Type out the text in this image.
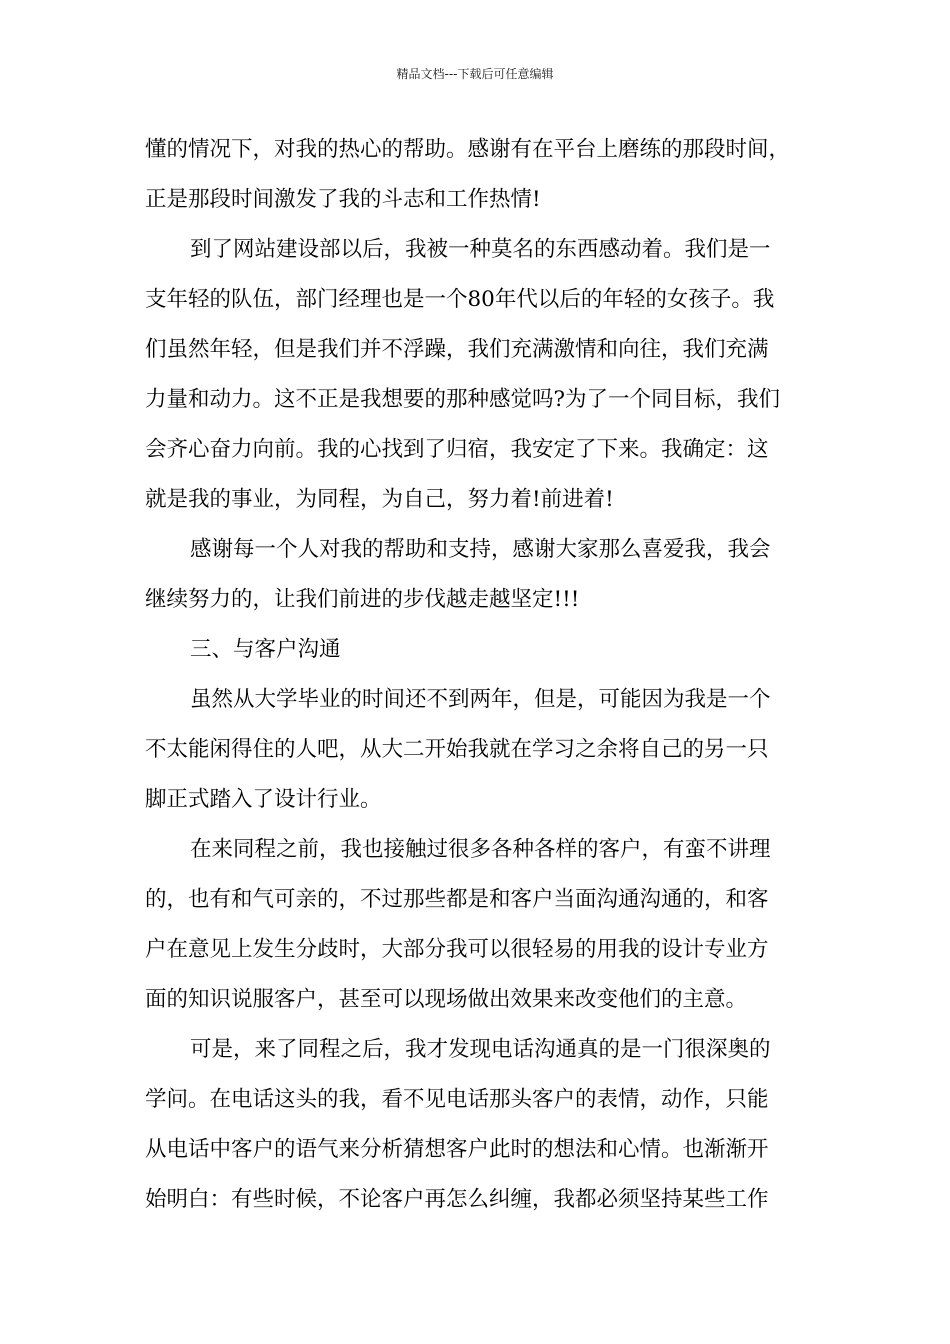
精品文档---下载后可任意编辑
懂的情况下，对我的热心的帮助。感谢有在平台上磨练的那段时间，
正是那段时间激发了我的斗志和工作热情!
到了网站建设部以后，我被一种莫名的东西感动着。我们是一
支年轻的队伍，部门经理也是一个80年代以后的年轻的女孩子。我
们虽然年轻，但是我们并不浮躁，我们充满激情和向往，我们充满
力量和动力。这不正是我想要的那种感觉吗?为了一个同目标，我们
会齐心奋力向前。我的心找到了归宿，我安定了下来。我确定：这
就是我的事业，为同程，为自己，努力着!前进着!
感谢每一个人对我的帮助和支持，感谢大家那么喜爱我，我会
继续努力的，让我们前进的步伐越走越坚定!!!
三、与客户沟通
虽然从大学毕业的时间还不到两年，但是，可能因为我是一个
不太能闲得住的人吧，从大二开始我就在学习之余将自己的另一只
脚正式踏入了设计行业。
在来同程之前，我也接触过很多各种各样的客户，有蛮不讲理
的，也有和气可亲的，不过那些都是和客户当面沟通沟通的，和客
户在意见上发生分歧时，大部分我可以很轻易的用我的设计专业方
面的知识说服客户，甚至可以现场做出效果来改变他们的主意。
可是，来了同程之后，我才发现电话沟通真的是一门很深奥的
学问。在电话这头的我，看不见电话那头客户的表情，动作，只能
从电话中客户的语气来分析猜想客户此时的想法和心情。也渐渐开
始明白：有些时候，不论客户再怎么纠缠，我都必须坚持某些工作
